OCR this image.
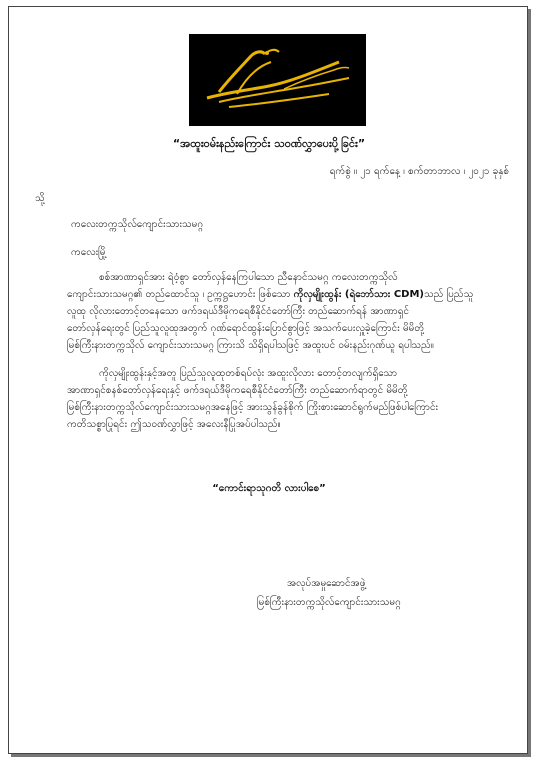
“အထူးဝမ်းနည်းကြောင်း သဝဏ်လွှာပေးပို့ခြင်း”
ရက်စွဲ ။ ၂၁ ရက်နေ့ ၊ စက်တာဘာလ ၊ ၂၀၂၁ ခုနှစ်
သို့
ကလေးတက္ကသိုလ်ကျောင်းသားသမဂ္ဂ
ကလေးမြို့
စစ်အာဏာရှင်အား ရဲဝံ့စွာ တော်လှန်နေကြပါသော ညီနောင်သမဂ္ဂ ကလေးတက္ကသိုလ်
ကျောင်းသားသမဂ္ဂ၏ တည်ထောင်သူ ၊ ဥက္ကဋ္ဌဟောင်း ဖြစ်သော ကိုလှမျိုးထွန်း (ရဲဘော်သား CDM)သည် ပြည်သူ
လူထု လိုလားတောင့်တနေသော ဖက်ဒရယ်ဒီမိုကရေစီနိုင်ငံတော်ကြီး တည်ဆောက်ရန် အာဏာရှင်
တော်လှန်ရေးတွင် ပြည်သူလူထုအတွက် ဂုဏ်ရောင်ထွန်းပြောင်စွာဖြင့် အသက်ပေးလှူခဲ့ကြောင်း မိမိတို့
မြစ်ကြီးနားတက္ကသိုလ် ကျောင်းသားသမဂ္ဂ ကြားသိ သိရှိရပါသဖြင့် အထူးပင် ဝမ်းနည်းဂုဏ်ယူ ရပါသည်။
ကိုလှမျိုးထွန်းနှင့်အတူ ပြည်သူလူထုတစ်ရပ်လုံး အထူးလိုလား တောင့်တလျက်ရှိသော
အာဏာရှင်စနစ်တော်လှန်ရေးနှင့် ဖက်ဒရယ်ဒီမိုကရေစီနိုင်ငံတော်ကြီး တည်ဆောက်ရာတွင် မိမိတို့
မြစ်ကြီးနားတက္ကသိုလ်ကျောင်းသားသမဂ္ဂအနေဖြင့် အားသွန်ခွန်စိုက် ကြိုးစားဆောင်ရွက်မည်ဖြစ်ပါကြောင်း
ကတိသစ္စာပြုရင်း ဤသဝဏ်လွှာဖြင့် အလေးနီပြုအပ်ပါသည်။
“ကောင်းရာသုဂတိ လားပါစေ”
အလုပ်အမှုဆောင်အဖွဲ့
မြစ်ကြီးနားတက္ကသိုလ်ကျောင်းသားသမဂ္ဂ
